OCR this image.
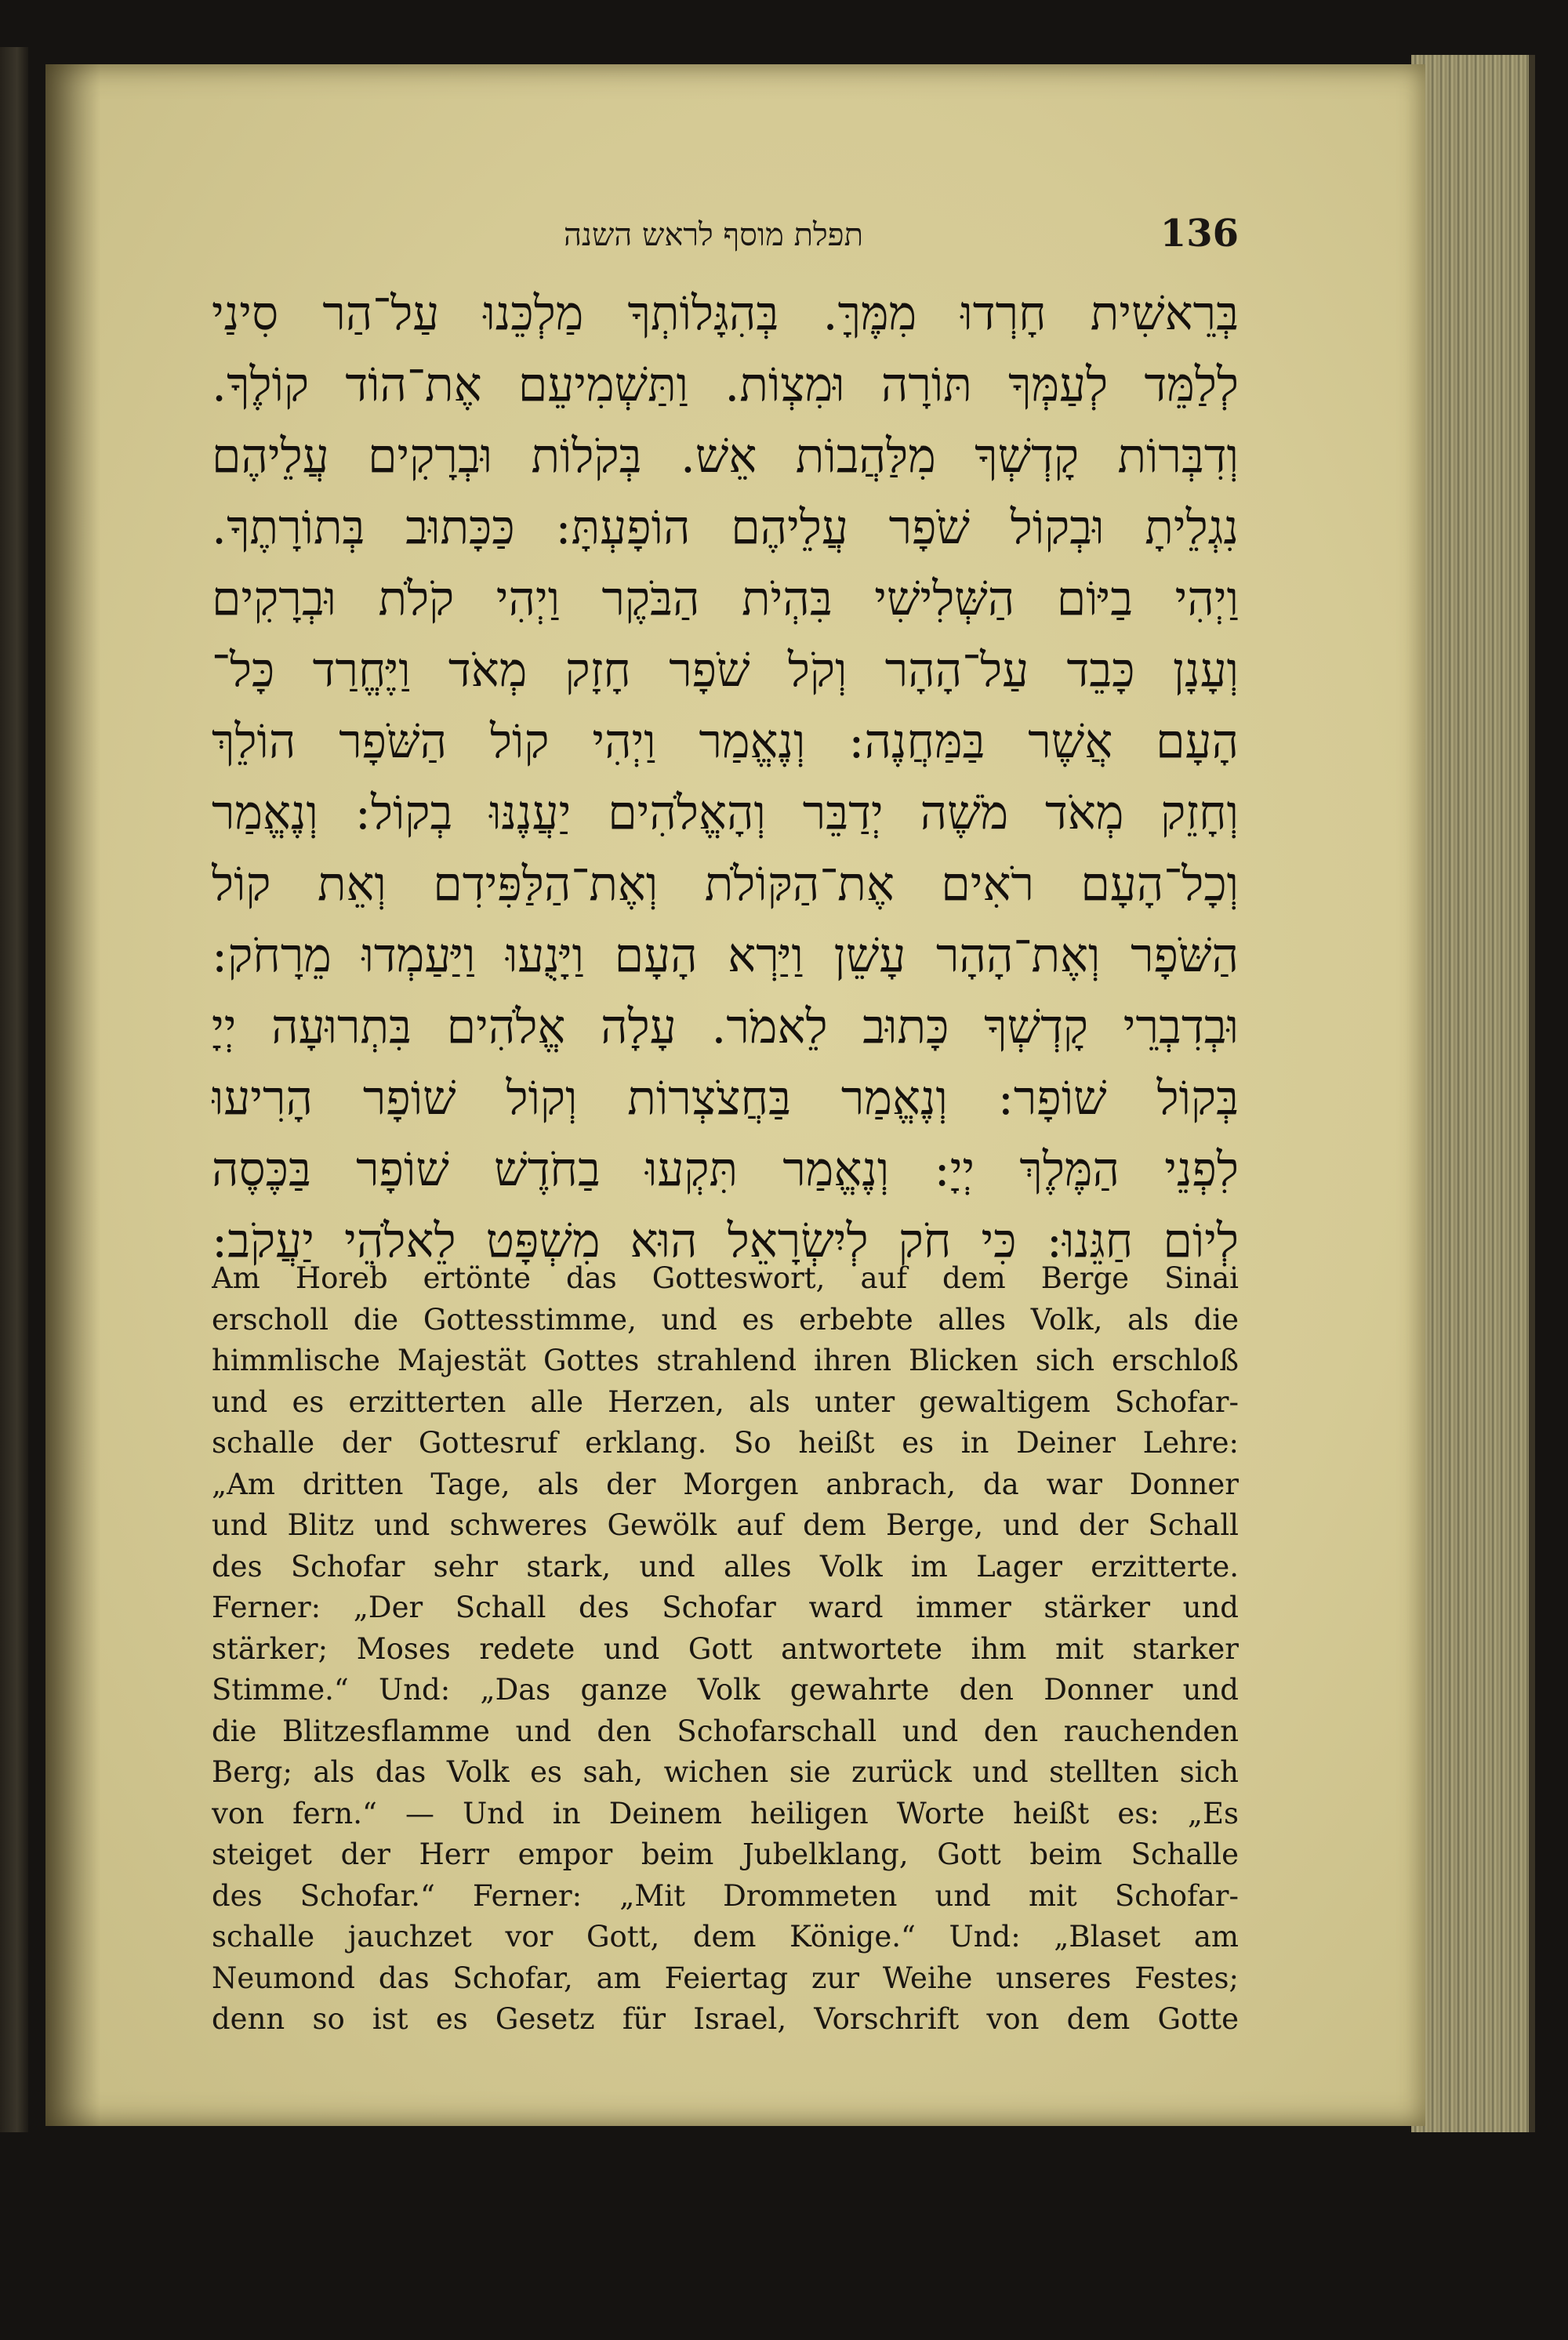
תפלת מוסף לראש השנה	136
בְּרֵאשִׁית חָרְדוּ מִמֶּךָּ. בְּהִגָּלוֹתְךָ מַלְכֵּנוּ עַל־הַר סִינַי
לְלַמֵּד לְעַמְּךָ תּוֹרָה וּמִצְוֹת. וַתַּשְׁמִיעֵם אֶת־הוֹד קוֹלֶךָ.
וְדִבְּרוֹת קָדְשְׁךָ מִלַּהֲבוֹת אֵשׁ. בְּקֹלוֹת וּבְרָקִים עֲלֵיהֶם
נִגְלֵיתָ וּבְקוֹל שֹׁפָר עֲלֵיהֶם הוֹפָעְתָּ: כַּכָּתוּב בְּתוֹרָתֶךָ.
וַיְהִי בַיּוֹם הַשְּׁלִישִׁי בִּהְיֹת הַבֹּקֶר וַיְהִי קֹלֹת וּבְרָקִים
וְעָנָן כָּבֵד עַל־הָהָר וְקֹל שֹׁפָר חָזָק מְאֹד וַיֶּחֱרַד כָּל־
הָעָם אֲשֶׁר בַּמַּחֲנֶה: וְנֶאֱמַר וַיְהִי קוֹל הַשֹּׁפָר הוֹלֵךְ
וְחָזֵק מְאֹד מֹשֶׁה יְדַבֵּר וְהָאֱלֹהִים יַעֲנֶנּוּ בְקוֹל: וְנֶאֱמַר
וְכָל־הָעָם רֹאִים אֶת־הַקּוֹלֹת וְאֶת־הַלַּפִּידִם וְאֵת קוֹל
הַשֹּׁפָר וְאֶת־הָהָר עָשֵׁן וַיַּרְא הָעָם וַיָּנֻעוּ וַיַּעַמְדוּ מֵרָחֹק:
וּבְדִבְרֵי קָדְשְׁךָ כָּתוּב לֵאמֹר. עָלָה אֱלֹהִים בִּתְרוּעָה יְיָ
בְּקוֹל שׁוֹפָר: וְנֶאֱמַר בַּחֲצֹצְרוֹת וְקוֹל שׁוֹפָר הָרִיעוּ
לִפְנֵי הַמֶּלֶךְ יְיָ: וְנֶאֱמַר תִּקְעוּ בַחֹדֶשׁ שׁוֹפָר בַּכֶּסֶה
לְיוֹם חַגֵּנוּ: כִּי חֹק לְיִשְׂרָאֵל הוּא מִשְׁפָּט לֵאלֹהֵי יַעֲקֹב:
Am Horeb ertönte das Gotteswort, auf dem Berge Sinai
erscholl die Gottesstimme, und es erbebte alles Volk, als die
himmlische Majestät Gottes strahlend ihren Blicken sich erschloß
und es erzitterten alle Herzen, als unter gewaltigem Schofar-
schalle der Gottesruf erklang. So heißt es in Deiner Lehre:
„Am dritten Tage, als der Morgen anbrach, da war Donner
und Blitz und schweres Gewölk auf dem Berge, und der Schall
des Schofar sehr stark, und alles Volk im Lager erzitterte.
Ferner: „Der Schall des Schofar ward immer stärker und
stärker; Moses redete und Gott antwortete ihm mit starker
Stimme.“ Und: „Das ganze Volk gewahrte den Donner und
die Blitzesflamme und den Schofarschall und den rauchenden
Berg; als das Volk es sah, wichen sie zurück und stellten sich
von fern.“ — Und in Deinem heiligen Worte heißt es: „Es
steiget der Herr empor beim Jubelklang, Gott beim Schalle
des Schofar.“ Ferner: „Mit Drommeten und mit Schofar-
schalle jauchzet vor Gott, dem Könige.“ Und: „Blaset am
Neumond das Schofar, am Feiertag zur Weihe unseres Festes;
denn so ist es Gesetz für Israel, Vorschrift von dem Gotte
